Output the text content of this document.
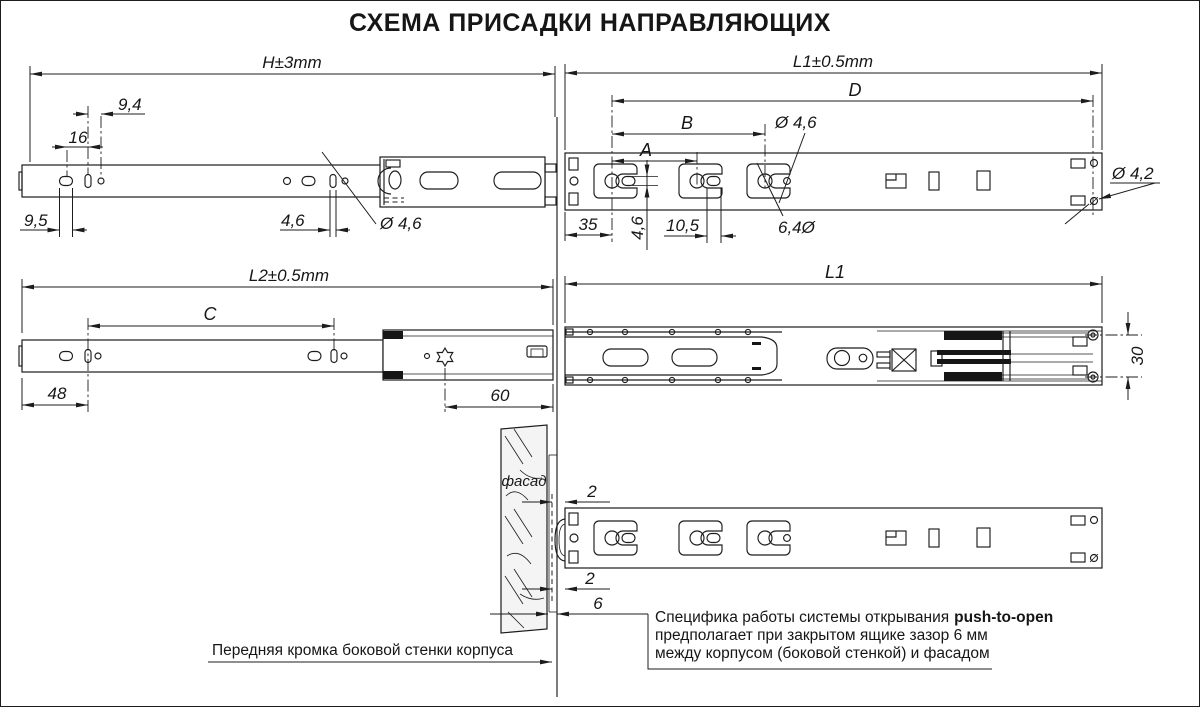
СХЕМА ПРИСАДКИ НАПРАВЛЯЮЩИХ
H±3mm
9,4
16
9,5	4,6	Ø 4,6
L1±0.5mm
D
B
A
Ø 4,6
6,4Ø
35 4,6 10,5
Ø 4,2
L2±0.5mm
C
48	60
L1
30
фасад
2
2
6
Передняя кромка боковой стенки корпуса
Специфика работы системы открывания push-to-open
предполагает при закрытом ящике зазор 6 мм
между корпусом (боковой стенкой) и фасадом
